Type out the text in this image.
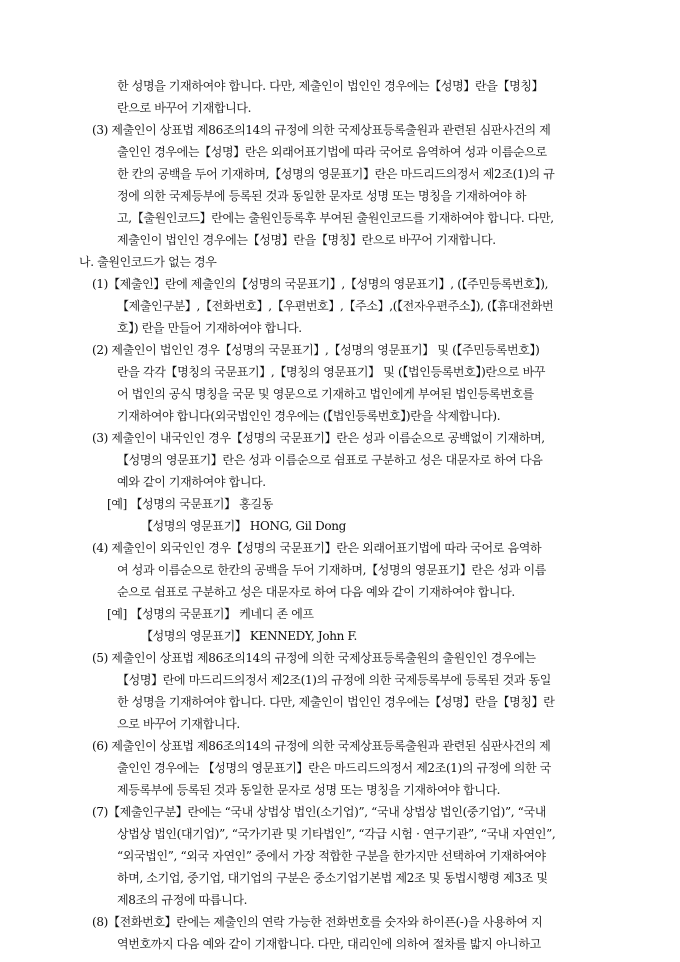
한 성명을 기재하여야 합니다. 다만, 제출인이 법인인 경우에는【성명】란을【명칭】
란으로 바꾸어 기재합니다.
(3) 제출인이 상표법 제86조의14의 규정에 의한 국제상표등록출원과 관련된 심판사건의 제
출인인 경우에는【성명】란은 외래어표기법에 따라 국어로 음역하여 성과 이름순으로
한 칸의 공백을 두어 기재하며,【성명의 영문표기】란은 마드리드의정서 제2조(1)의 규
정에 의한 국제등부에 등록된 것과 동일한 문자로 성명 또는 명칭을 기재하여야 하
고,【출원인코드】란에는 출원인등록후 부여된 출원인코드를 기재하여야 합니다. 다만,
제출인이 법인인 경우에는【성명】란을【명칭】란으로 바꾸어 기재합니다.
나. 출원인코드가 없는 경우
(1)【제출인】란에 제출인의【성명의 국문표기】,【성명의 영문표기】, (【주민등록번호】),
【제출인구분】,【전화번호】,【우편번호】,【주소】,(【전자우편주소】), (【휴대전화번
호】) 란을 만들어 기재하여야 합니다.
(2) 제출인이 법인인 경우【성명의 국문표기】,【성명의 영문표기】 및 (【주민등록번호】)
란을 각각【명칭의 국문표기】,【명칭의 영문표기】 및 (【법인등록번호】)란으로 바꾸
어 법인의 공식 명칭을 국문 및 영문으로 기재하고 법인에게 부여된 법인등록번호를
기재하여야 합니다(외국법인인 경우에는 (【법인등록번호】)란을 삭제합니다).
(3) 제출인이 내국인인 경우【성명의 국문표기】란은 성과 이름순으로 공백없이 기재하며,
【성명의 영문표기】란은 성과 이름순으로 쉼표로 구분하고 성은 대문자로 하여 다음
예와 같이 기재하여야 합니다.
[예] 【성명의 국문표기】 홍길동
【성명의 영문표기】 HONG, Gil Dong
(4) 제출인이 외국인인 경우【성명의 국문표기】란은 외래어표기법에 따라 국어로 음역하
여 성과 이름순으로 한칸의 공백을 두어 기재하며,【성명의 영문표기】란은 성과 이름
순으로 쉼표로 구분하고 성은 대문자로 하여 다음 예와 같이 기재하여야 합니다.
[예] 【성명의 국문표기】 케네디 존 에프
【성명의 영문표기】 KENNEDY, John F.
(5) 제출인이 상표법 제86조의14의 규정에 의한 국제상표등록출원의 출원인인 경우에는
【성명】란에 마드리드의정서 제2조(1)의 규정에 의한 국제등록부에 등록된 것과 동일
한 성명을 기재하여야 합니다. 다만, 제출인이 법인인 경우에는【성명】란을【명칭】란
으로 바꾸어 기재합니다.
(6) 제출인이 상표법 제86조의14의 규정에 의한 국제상표등록출원과 관련된 심판사건의 제
출인인 경우에는 【성명의 영문표기】란은 마드리드의정서 제2조(1)의 규정에 의한 국
제등록부에 등록된 것과 동일한 문자로 성명 또는 명칭을 기재하여야 합니다.
(7)【제출인구분】란에는 “국내 상법상 법인(소기업)”, “국내 상법상 법인(중기업)”, “국내
상법상 법인(대기업)”, “국가기관 및 기타법인”, “각급 시험 · 연구기관”, “국내 자연인”,
“외국법인”, “외국 자연인” 중에서 가장 적합한 구분을 한가지만 선택하여 기재하여야
하며, 소기업, 중기업, 대기업의 구분은 중소기업기본법 제2조 및 동법시행령 제3조 및
제8조의 규정에 따릅니다.
(8)【전화번호】란에는 제출인의 연락 가능한 전화번호를 숫자와 하이픈(-)을 사용하여 지
역번호까지 다음 예와 같이 기재합니다. 다만, 대리인에 의하여 절차를 밟지 아니하고
